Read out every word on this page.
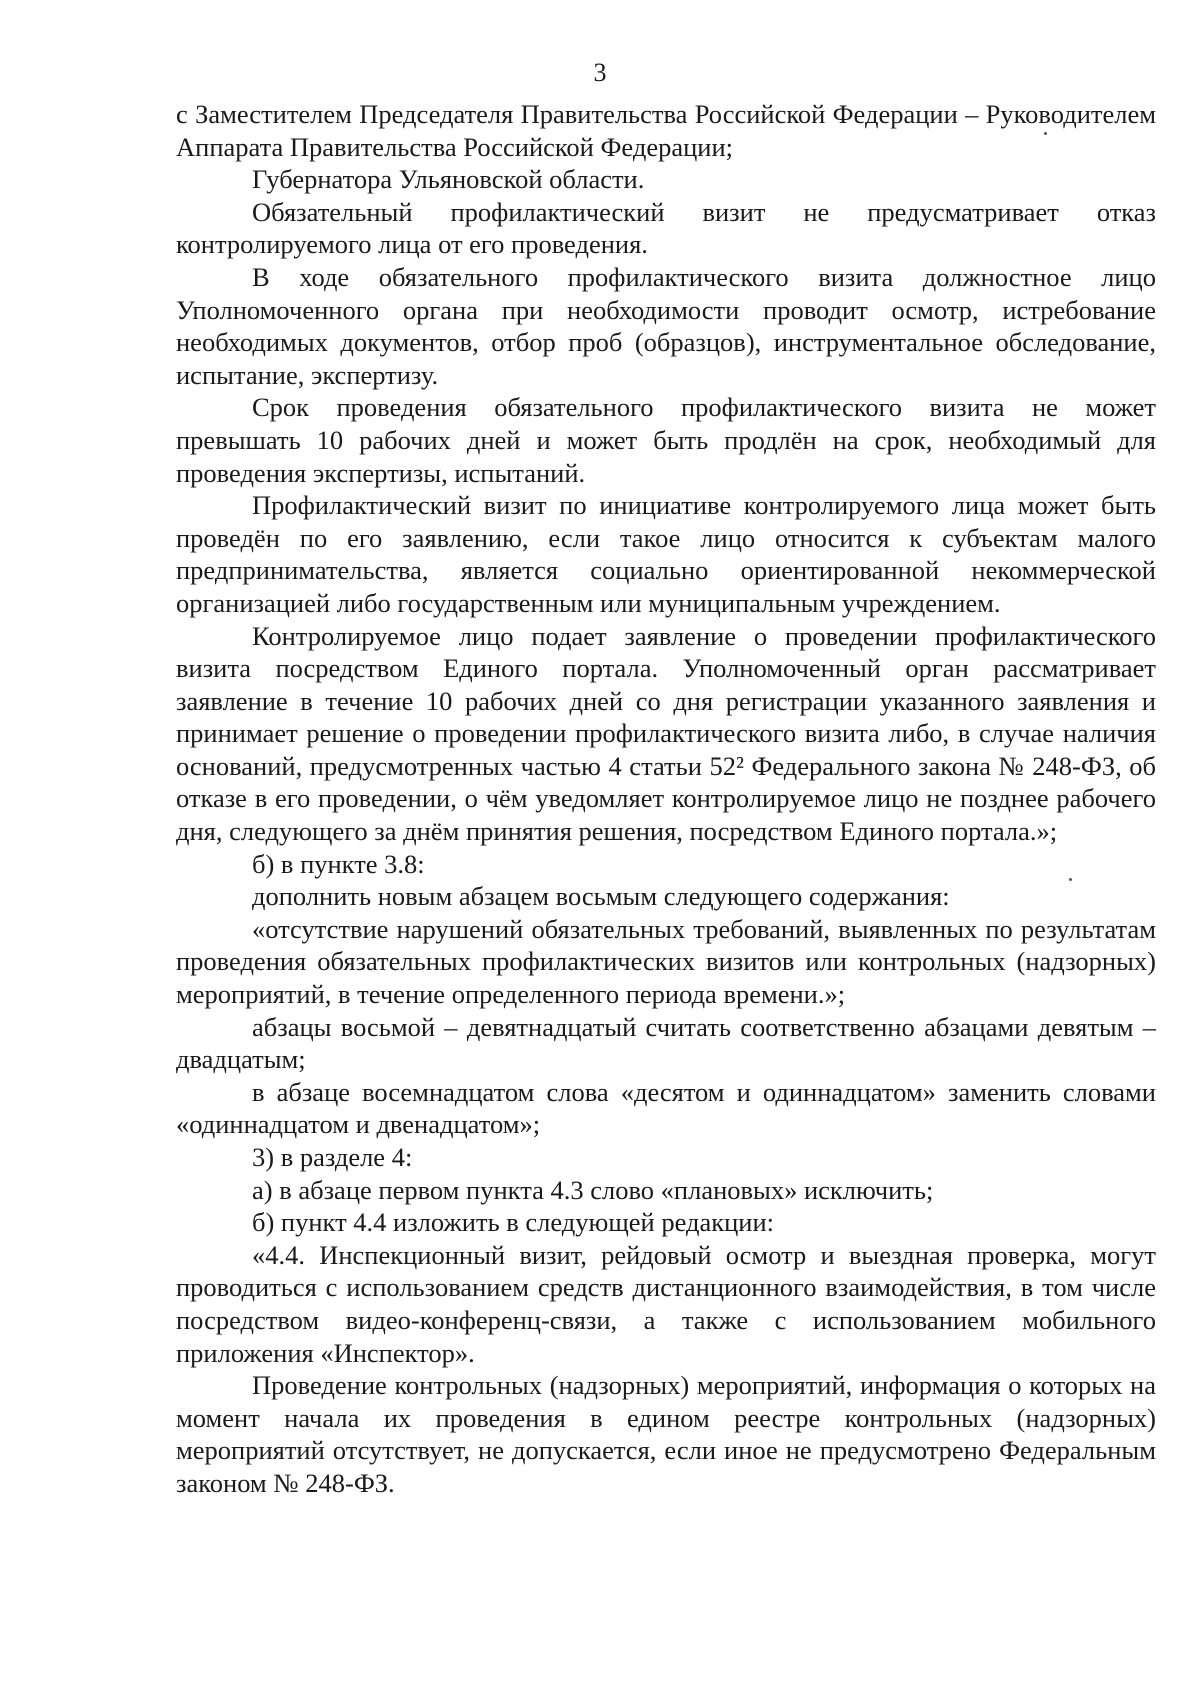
3

с Заместителем Председателя Правительства Российской Федерации – Руководителем Аппарата Правительства Российской Федерации;

Губернатора Ульяновской области.

Обязательный профилактический визит не предусматривает отказ контролируемого лица от его проведения.

В ходе обязательного профилактического визита должностное лицо Уполномоченного органа при необходимости проводит осмотр, истребование необходимых документов, отбор проб (образцов), инструментальное обследование, испытание, экспертизу.

Срок проведения обязательного профилактического визита не может превышать 10 рабочих дней и может быть продлён на срок, необходимый для проведения экспертизы, испытаний.

Профилактический визит по инициативе контролируемого лица может быть проведён по его заявлению, если такое лицо относится к субъектам малого предпринимательства, является социально ориентированной некоммерческой организацией либо государственным или муниципальным учреждением.

Контролируемое лицо подает заявление о проведении профилактического визита посредством Единого портала. Уполномоченный орган рассматривает заявление в течение 10 рабочих дней со дня регистрации указанного заявления и принимает решение о проведении профилактического визита либо, в случае наличия оснований, предусмотренных частью 4 статьи 52² Федерального закона № 248-ФЗ, об отказе в его проведении, о чём уведомляет контролируемое лицо не позднее рабочего дня, следующего за днём принятия решения, посредством Единого портала.»;

б) в пункте 3.8:

дополнить новым абзацем восьмым следующего содержания:

«отсутствие нарушений обязательных требований, выявленных по результатам проведения обязательных профилактических визитов или контрольных (надзорных) мероприятий, в течение определенного периода времени.»;

абзацы восьмой – девятнадцатый считать соответственно абзацами девятым – двадцатым;

в абзаце восемнадцатом слова «десятом и одиннадцатом» заменить словами «одиннадцатом и двенадцатом»;

3) в разделе 4:

а) в абзаце первом пункта 4.3 слово «плановых» исключить;

б) пункт 4.4 изложить в следующей редакции:

«4.4. Инспекционный визит, рейдовый осмотр и выездная проверка, могут проводиться с использованием средств дистанционного взаимодействия, в том числе посредством видео-конференц-связи, а также с использованием мобильного приложения «Инспектор».

Проведение контрольных (надзорных) мероприятий, информация о которых на момент начала их проведения в едином реестре контрольных (надзорных) мероприятий отсутствует, не допускается, если иное не предусмотрено Федеральным законом № 248-ФЗ.
